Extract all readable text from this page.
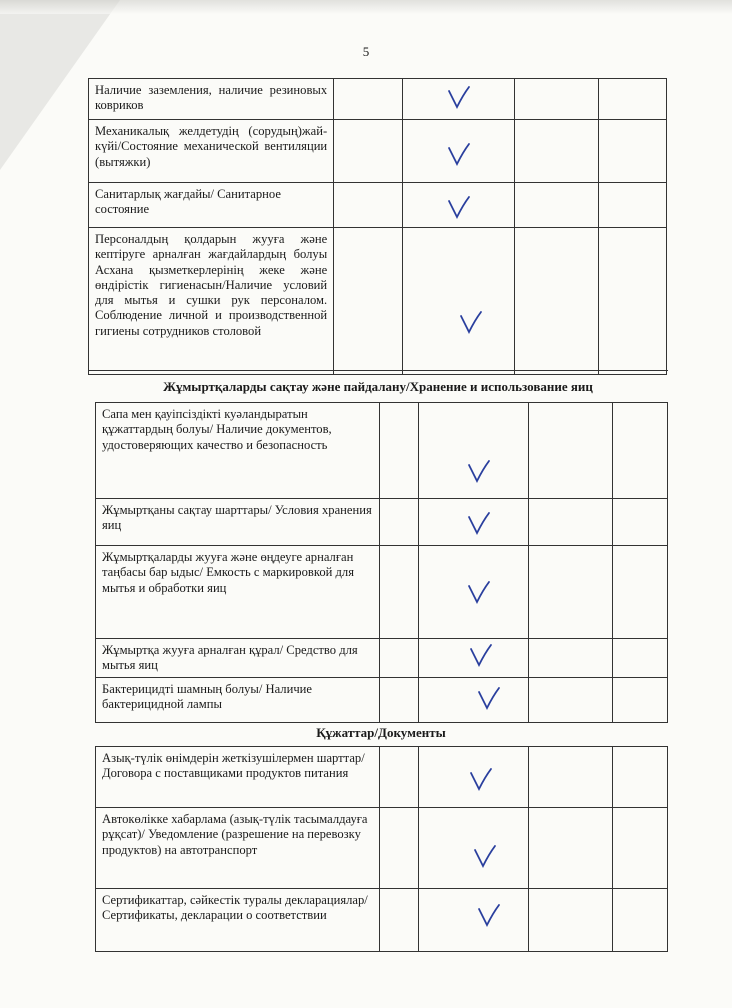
5
Наличие заземления, наличие резиновых ковриков
Механикалық желдетудің (сорудың)жай-күйі/Состояние механической вентиляции (вытяжки)
Санитарлық жағдайы/ Санитарное состояние
Персоналдың қолдарын жууға және кептіруге арналған жағдайлардың болуы Асхана қызметкерлерінің жеке және өндірістік гигиенасын/Наличие условий для мытья и сушки рук персоналом. Соблюдение личной и производственной гигиены сотрудников столовой
Жұмыртқаларды сақтау және пайдалану/Хранение и использование яиц
Сапа мен қауіпсіздікті куәландыратын құжаттардың болуы/ Наличие документов, удостоверяющих качество и безопасность
Жұмыртқаны сақтау шарттары/ Условия хранения яиц
Жұмыртқаларды жууға және өңдеуге арналған таңбасы бар ыдыс/ Емкость с маркировкой для мытья и обработки яиц
Жұмыртқа жууға арналған құрал/ Средство для мытья яиц
Бактерицидті шамның болуы/ Наличие бактерицидной лампы
Құжаттар/Документы
Азық-түлік өнімдерін жеткізушілермен шарттар/ Договора с поставщиками продуктов питания
Автокөлікке хабарлама (азық-түлік тасымалдауға рұқсат)/ Уведомление (разрешение на перевозку продуктов) на автотранспорт
Сертификаттар, сәйкестік туралы декларациялар/Сертификаты, декларации о соответствии
